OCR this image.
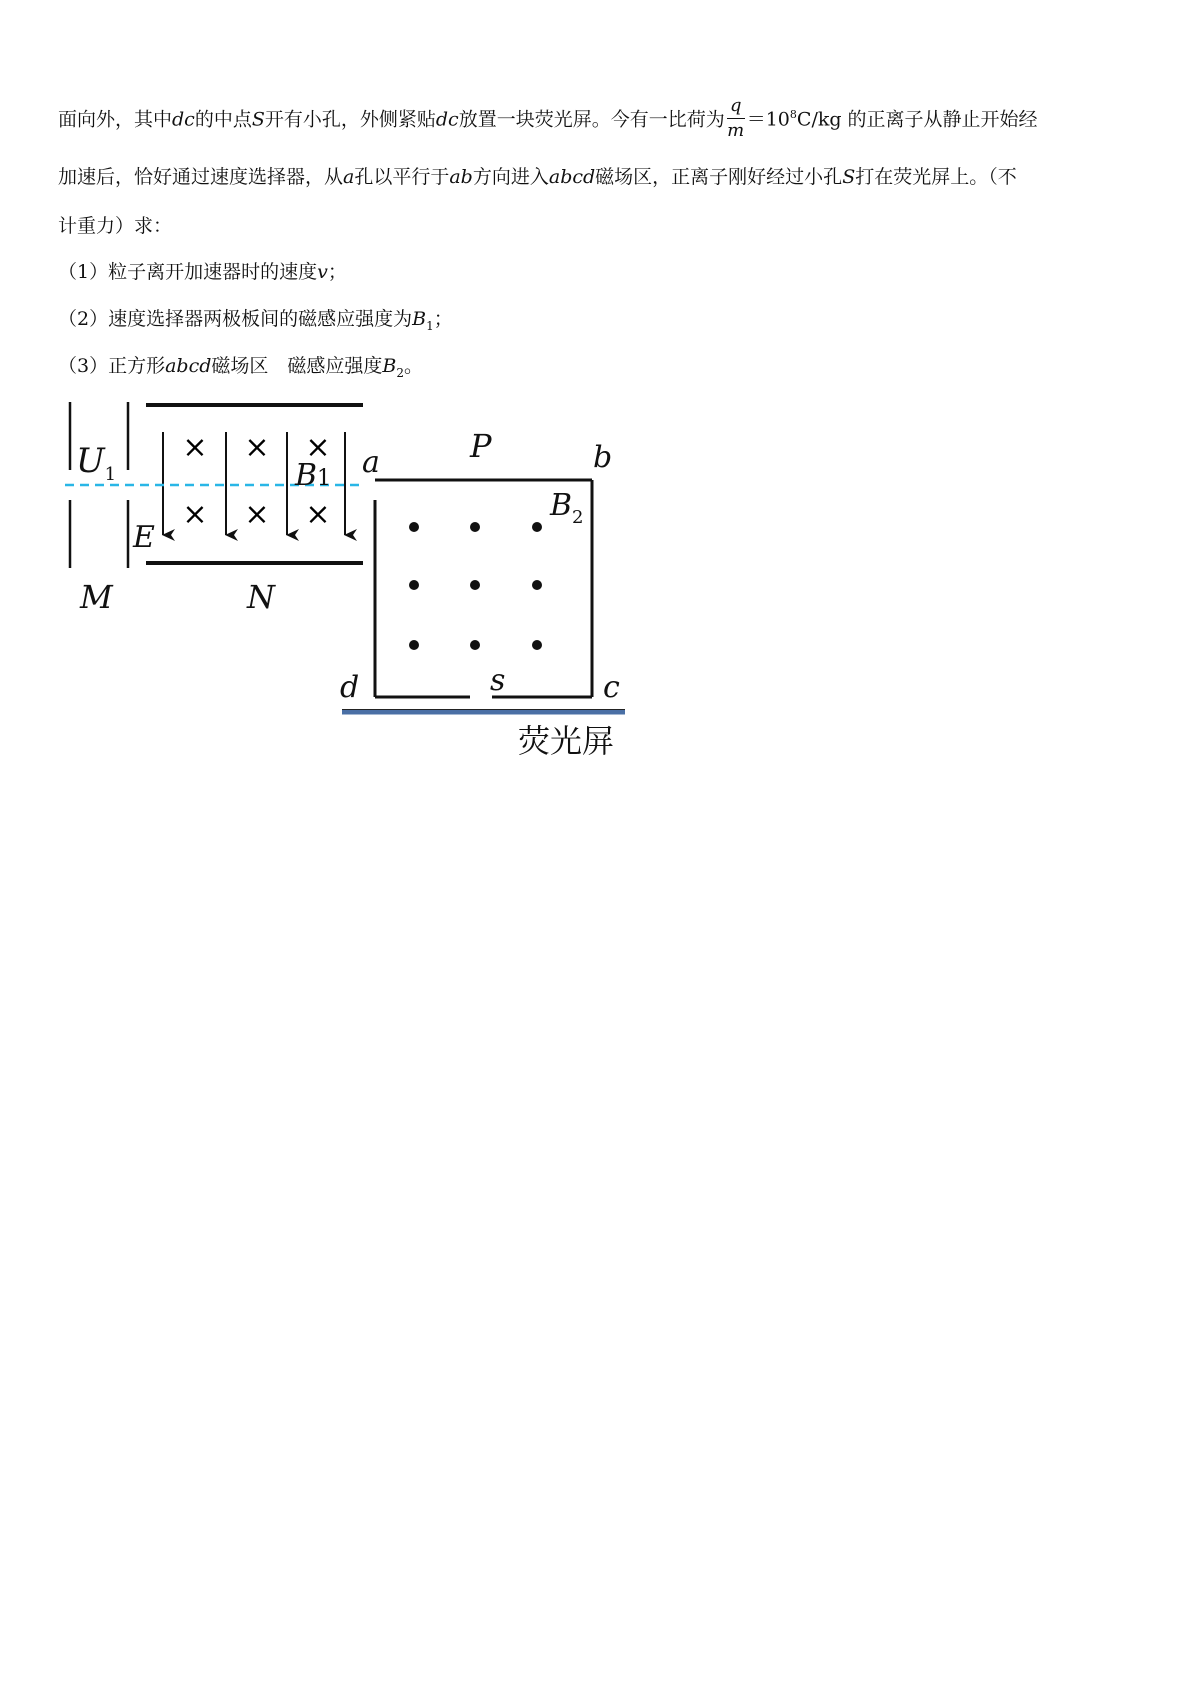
面向外，其中dc的中点S开有小孔，外侧紧贴dc放置一块荧光屏。今有一比荷为 $\frac{q}{m} =10^8C/kg$ 的正离子从静止开始经
加速后，恰好通过速度选择器，从a孔以平行于ab方向进入abcd磁场区，正离子刚好经过小孔S打在荧光屏上。（不
计重力）求：
（1）粒子离开加速器时的速度v；
（2）速度选择器两极板间的磁感应强度为$B_1$；
（3）正方形abcd磁场区　磁感应强度$B_2$。
× × ×
× × ×
$U_1$	B1
E
M	N
a	P	b
$B_2$
d	s	c
荧光屏
